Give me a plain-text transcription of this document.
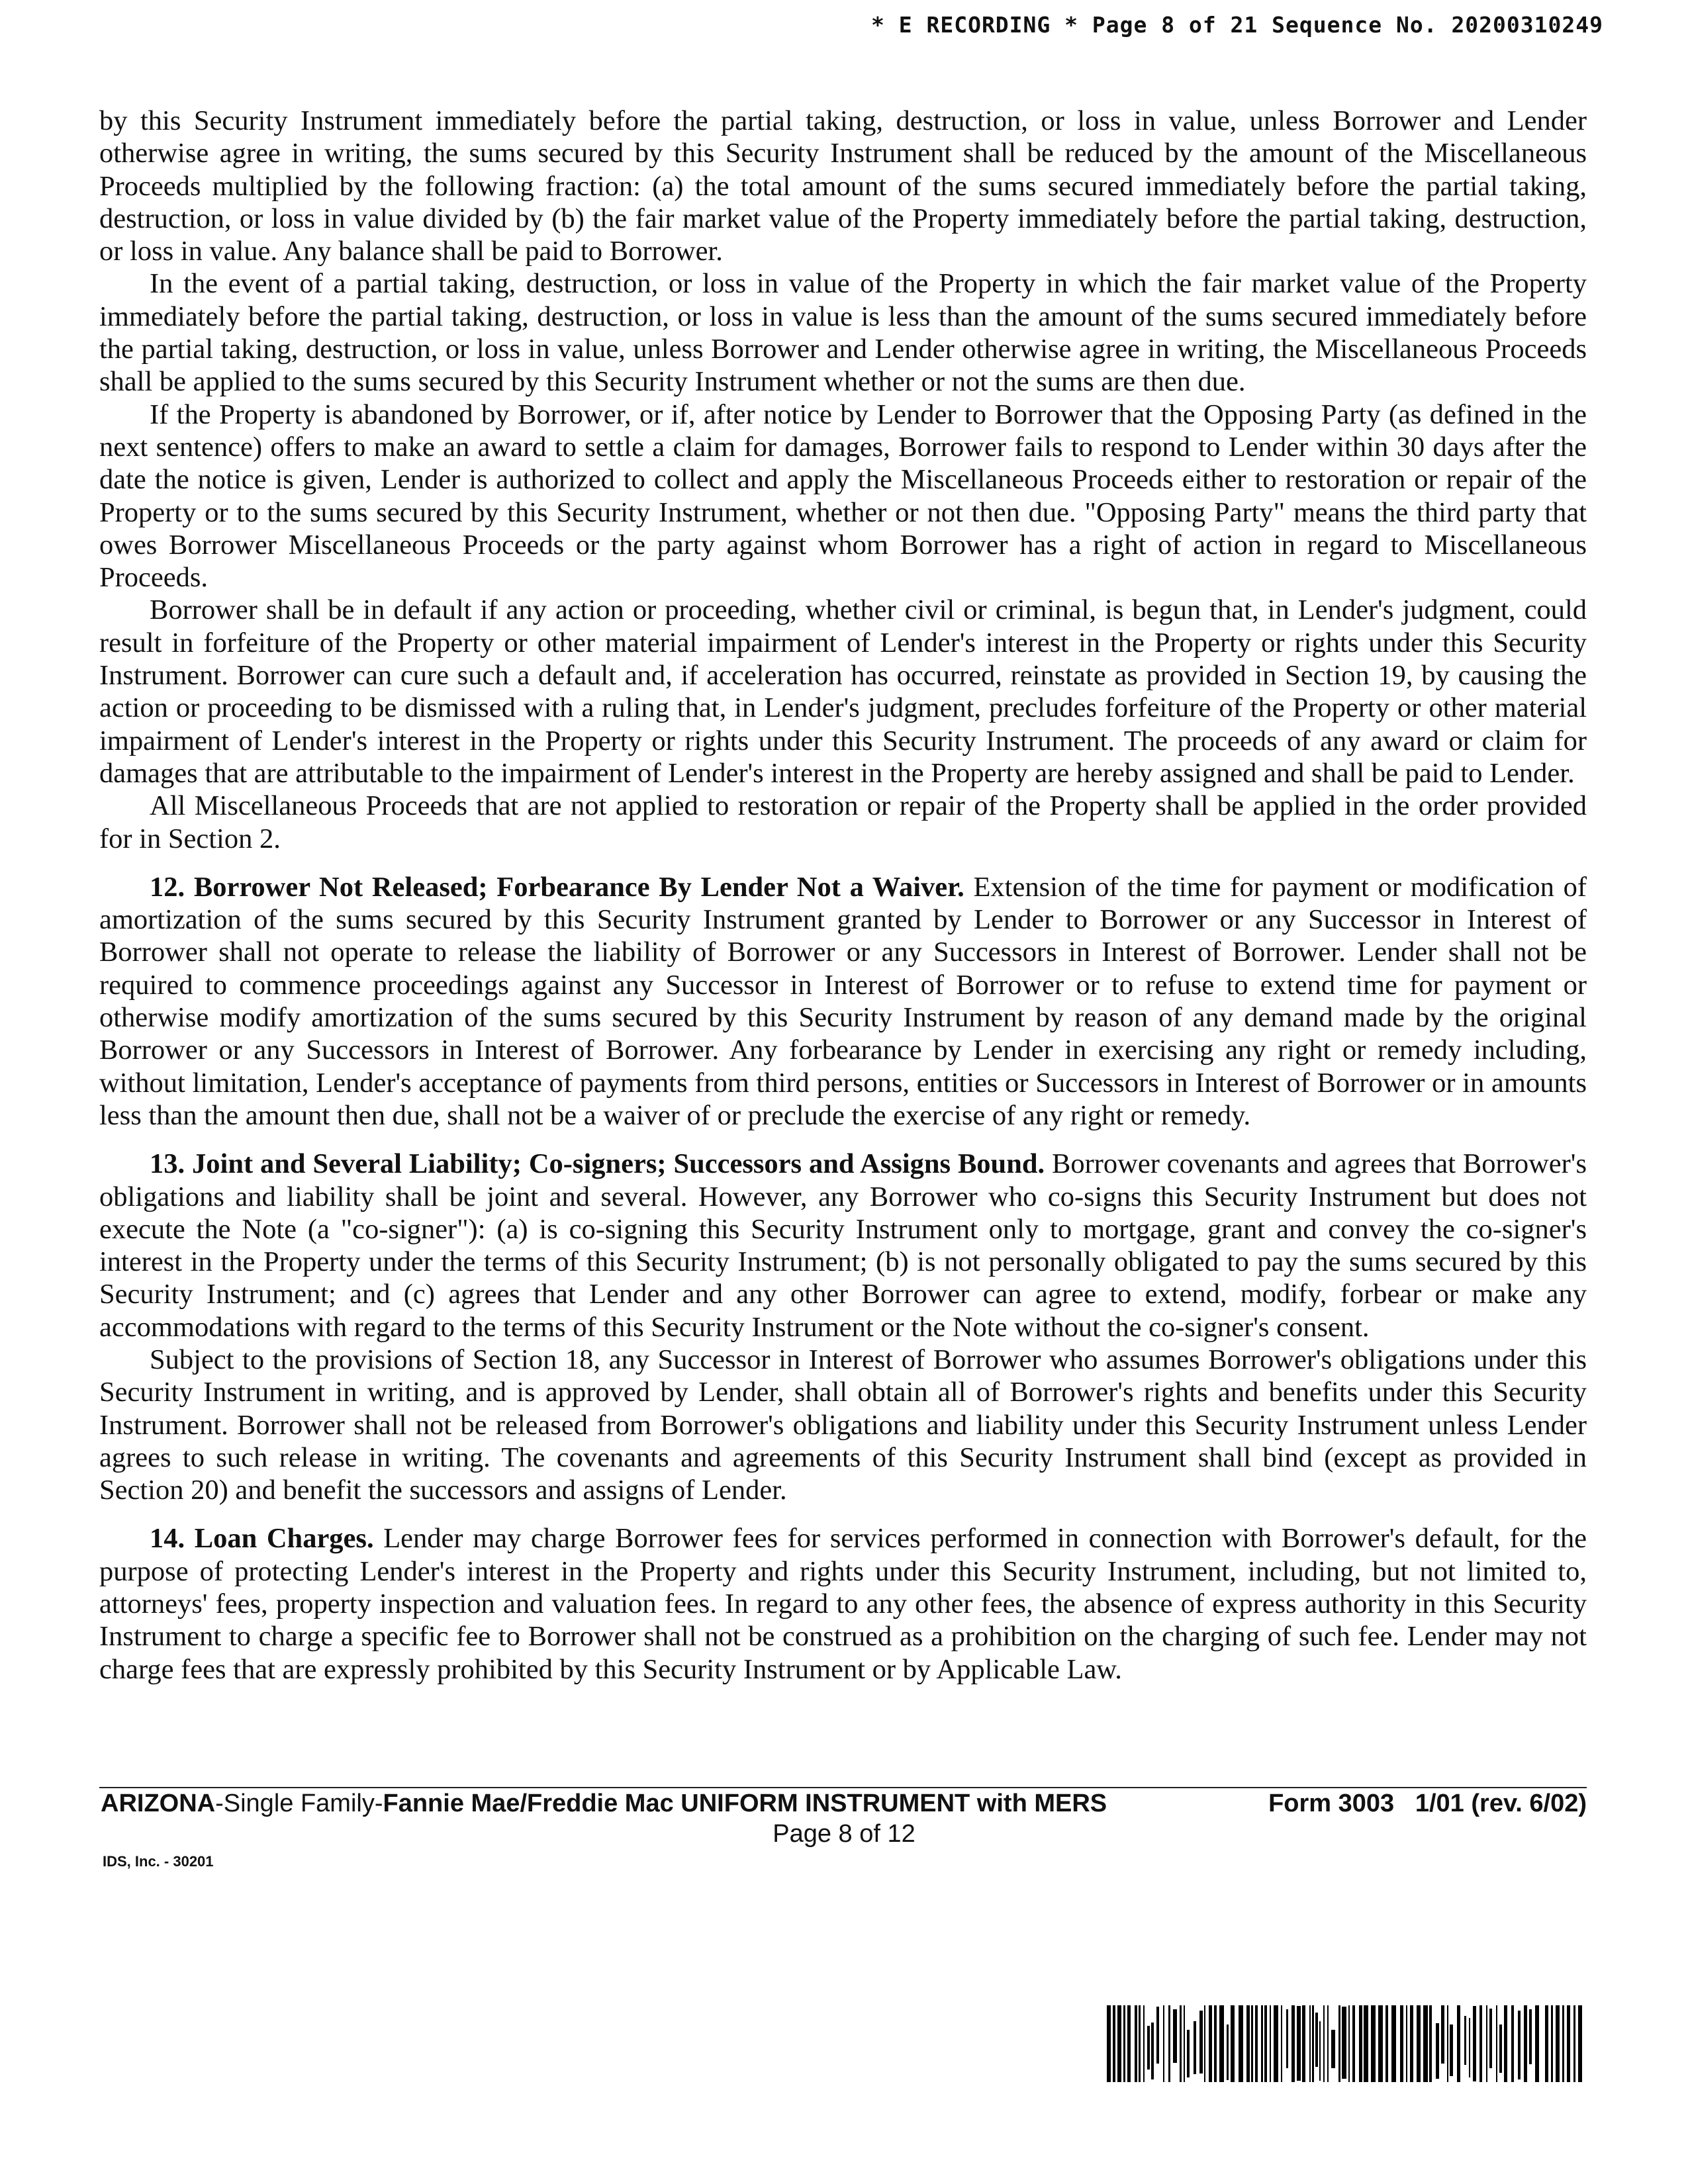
* E RECORDING * Page 8 of 21 Sequence No. 20200310249

by this Security Instrument immediately before the partial taking, destruction, or loss in value, unless Borrower and Lender otherwise agree in writing, the sums secured by this Security Instrument shall be reduced by the amount of the Miscellaneous Proceeds multiplied by the following fraction: (a) the total amount of the sums secured immediately before the partial taking, destruction, or loss in value divided by (b) the fair market value of the Property immediately before the partial taking, destruction, or loss in value. Any balance shall be paid to Borrower.

In the event of a partial taking, destruction, or loss in value of the Property in which the fair market value of the Property immediately before the partial taking, destruction, or loss in value is less than the amount of the sums secured immediately before the partial taking, destruction, or loss in value, unless Borrower and Lender otherwise agree in writing, the Miscellaneous Proceeds shall be applied to the sums secured by this Security Instrument whether or not the sums are then due.

If the Property is abandoned by Borrower, or if, after notice by Lender to Borrower that the Opposing Party (as defined in the next sentence) offers to make an award to settle a claim for damages, Borrower fails to respond to Lender within 30 days after the date the notice is given, Lender is authorized to collect and apply the Miscellaneous Proceeds either to restoration or repair of the Property or to the sums secured by this Security Instrument, whether or not then due. "Opposing Party" means the third party that owes Borrower Miscellaneous Proceeds or the party against whom Borrower has a right of action in regard to Miscellaneous Proceeds.

Borrower shall be in default if any action or proceeding, whether civil or criminal, is begun that, in Lender's judgment, could result in forfeiture of the Property or other material impairment of Lender's interest in the Property or rights under this Security Instrument. Borrower can cure such a default and, if acceleration has occurred, reinstate as provided in Section 19, by causing the action or proceeding to be dismissed with a ruling that, in Lender's judgment, precludes forfeiture of the Property or other material impairment of Lender's interest in the Property or rights under this Security Instrument. The proceeds of any award or claim for damages that are attributable to the impairment of Lender's interest in the Property are hereby assigned and shall be paid to Lender.

All Miscellaneous Proceeds that are not applied to restoration or repair of the Property shall be applied in the order provided for in Section 2.

12. Borrower Not Released; Forbearance By Lender Not a Waiver. Extension of the time for payment or modification of amortization of the sums secured by this Security Instrument granted by Lender to Borrower or any Successor in Interest of Borrower shall not operate to release the liability of Borrower or any Successors in Interest of Borrower. Lender shall not be required to commence proceedings against any Successor in Interest of Borrower or to refuse to extend time for payment or otherwise modify amortization of the sums secured by this Security Instrument by reason of any demand made by the original Borrower or any Successors in Interest of Borrower. Any forbearance by Lender in exercising any right or remedy including, without limitation, Lender's acceptance of payments from third persons, entities or Successors in Interest of Borrower or in amounts less than the amount then due, shall not be a waiver of or preclude the exercise of any right or remedy.

13. Joint and Several Liability; Co-signers; Successors and Assigns Bound. Borrower covenants and agrees that Borrower's obligations and liability shall be joint and several. However, any Borrower who co-signs this Security Instrument but does not execute the Note (a "co-signer"): (a) is co-signing this Security Instrument only to mortgage, grant and convey the co-signer's interest in the Property under the terms of this Security Instrument; (b) is not personally obligated to pay the sums secured by this Security Instrument; and (c) agrees that Lender and any other Borrower can agree to extend, modify, forbear or make any accommodations with regard to the terms of this Security Instrument or the Note without the co-signer's consent.

Subject to the provisions of Section 18, any Successor in Interest of Borrower who assumes Borrower's obligations under this Security Instrument in writing, and is approved by Lender, shall obtain all of Borrower's rights and benefits under this Security Instrument. Borrower shall not be released from Borrower's obligations and liability under this Security Instrument unless Lender agrees to such release in writing. The covenants and agreements of this Security Instrument shall bind (except as provided in Section 20) and benefit the successors and assigns of Lender.

14. Loan Charges. Lender may charge Borrower fees for services performed in connection with Borrower's default, for the purpose of protecting Lender's interest in the Property and rights under this Security Instrument, including, but not limited to, attorneys' fees, property inspection and valuation fees. In regard to any other fees, the absence of express authority in this Security Instrument to charge a specific fee to Borrower shall not be construed as a prohibition on the charging of such fee. Lender may not charge fees that are expressly prohibited by this Security Instrument or by Applicable Law.

ARIZONA-Single Family-Fannie Mae/Freddie Mac UNIFORM INSTRUMENT with MERS	Form 3003   1/01 (rev. 6/02)
Page 8 of 12
IDS, Inc. - 30201
